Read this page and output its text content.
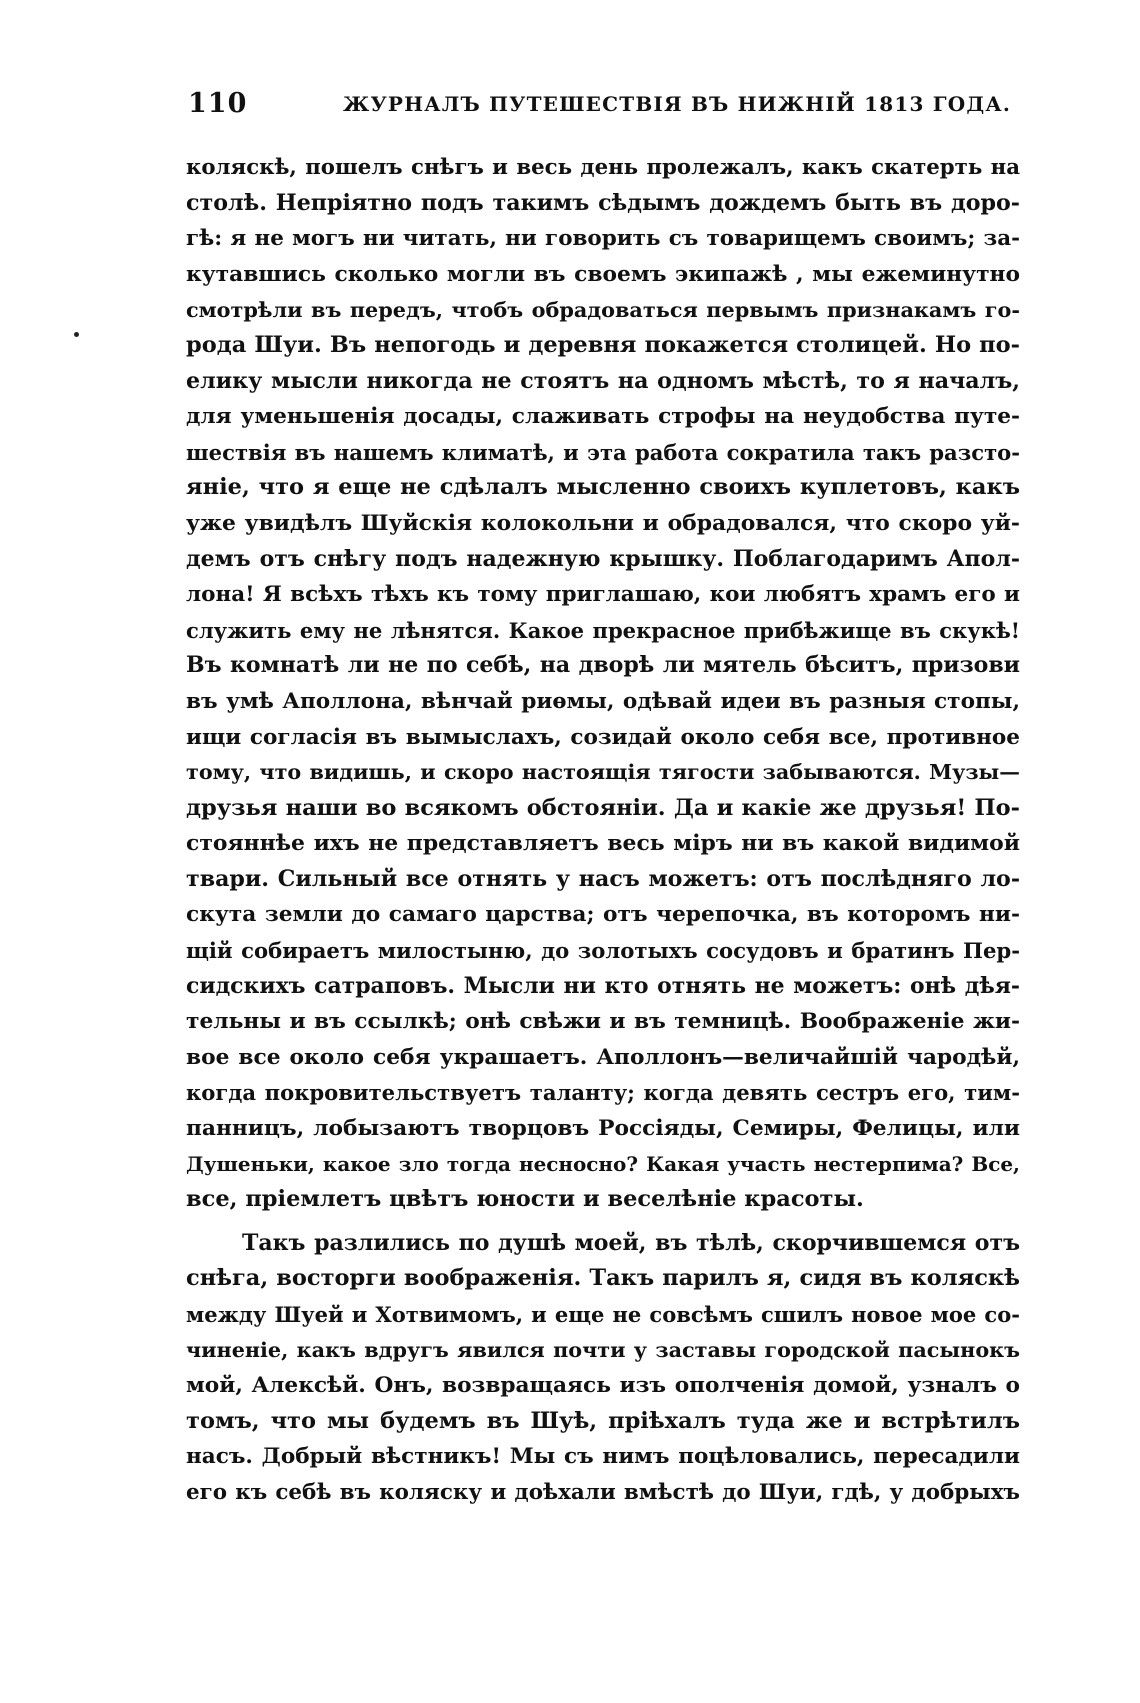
110	ЖУРНАЛЪ ПУТЕШЕСТВІЯ ВЪ НИЖНІЙ 1813 ГОДА.
коляскѣ, пошелъ снѣгъ и весь день пролежалъ, какъ скатерть на
столѣ. Непріятно подъ такимъ сѣдымъ дождемъ быть въ доро-
гѣ: я не могъ ни читать, ни говорить съ товарищемъ своимъ; за-
кутавшись сколько могли въ своемъ экипажѣ , мы ежеминутно
смотрѣли въ передъ, чтобъ обрадоваться первымъ признакамъ го-
рода Шуи. Въ непогодь и деревня покажется столицей. Но по-
елику мысли никогда не стоятъ на одномъ мѣстѣ, то я началъ,
для уменьшенія досады, слаживать строфы на неудобства путе-
шествія въ нашемъ климатѣ, и эта работа сократила такъ разсто-
яніе, что я еще не сдѣлалъ мысленно своихъ куплетовъ, какъ
уже увидѣлъ Шуйскія колокольни и обрадовался, что скоро уй-
демъ отъ снѣгу подъ надежную крышку. Поблагодаримъ Апол-
лона! Я всѣхъ тѣхъ къ тому приглашаю, кои любятъ храмъ его и
служить ему не лѣнятся. Какое прекрасное прибѣжище въ скукѣ!
Въ комнатѣ ли не по себѣ, на дворѣ ли мятель бѣситъ, призови
въ умѣ Аполлона, вѣнчай риѳмы, одѣвай идеи въ разныя стопы,
ищи согласія въ вымыслахъ, созидай около себя все, противное
тому, что видишь, и скоро настоящія тягости забываются. Музы—
друзья наши во всякомъ обстояніи. Да и какіе же друзья! По-
стояннѣе ихъ не представляетъ весь міръ ни въ какой видимой
твари. Сильный все отнять у насъ можетъ: отъ послѣдняго ло-
скута земли до самаго царства; отъ черепочка, въ которомъ ни-
щій собираетъ милостыню, до золотыхъ сосудовъ и братинъ Пер-
сидскихъ сатраповъ. Мысли ни кто отнять не можетъ: онѣ дѣя-
тельны и въ ссылкѣ; онѣ свѣжи и въ темницѣ. Воображеніе жи-
вое все около себя украшаетъ. Аполлонъ—величайшій чародѣй,
когда покровительствуетъ таланту; когда девять сестръ его, тим-
панницъ, лобызаютъ творцовъ Россіяды, Семиры, Фелицы, или
Душеньки, какое зло тогда несносно? Какая участь нестерпима? Все,
все, пріемлетъ цвѣтъ юности и веселѣніе красоты.
Такъ разлились по душѣ моей, въ тѣлѣ, скорчившемся отъ
снѣга, восторги воображенія. Такъ парилъ я, сидя въ коляскѣ
между Шуей и Хотвимомъ, и еще не совсѣмъ сшилъ новое мое со-
чиненіе, какъ вдругъ явился почти у заставы городской пасынокъ
мой, Алексѣй. Онъ, возвращаясь изъ ополченія домой, узналъ о
томъ, что мы будемъ въ Шуѣ, пріѣхалъ туда же и встрѣтилъ
насъ. Добрый вѣстникъ! Мы съ нимъ поцѣловались, пересадили
его къ себѣ въ коляску и доѣхали вмѣстѣ до Шуи, гдѣ, у добрыхъ
